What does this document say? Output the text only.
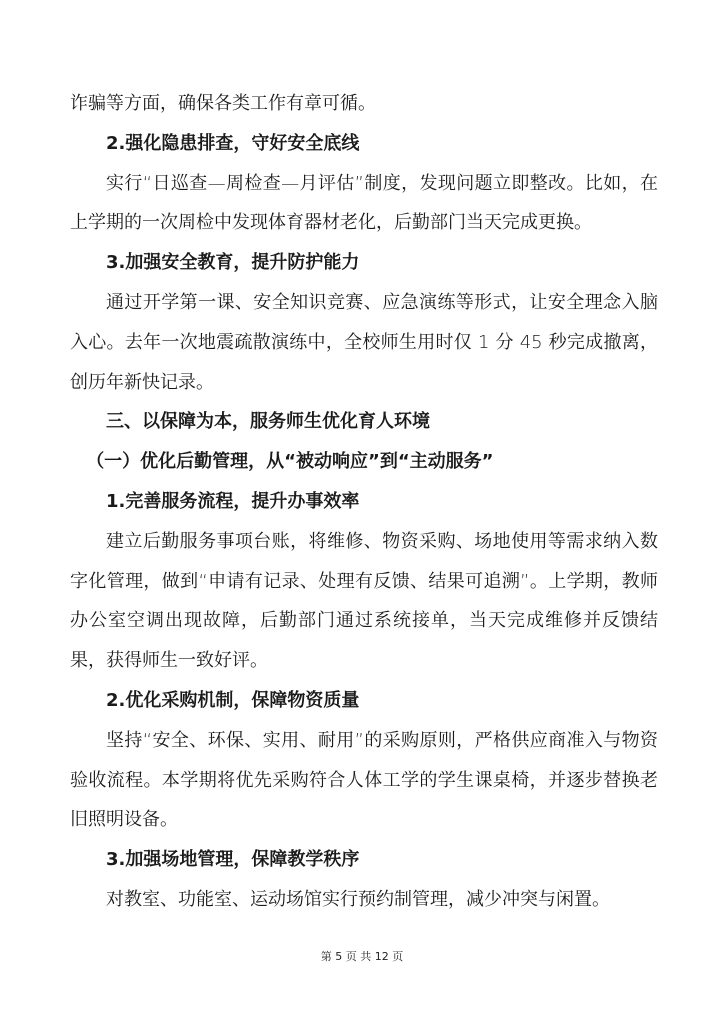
诈骗等方面，确保各类工作有章可循。

2.强化隐患排查，守好安全底线

实行“日巡查—周检查—月评估”制度，发现问题立即整改。比如，在上学期的一次周检中发现体育器材老化，后勤部门当天完成更换。

3.加强安全教育，提升防护能力

通过开学第一课、安全知识竞赛、应急演练等形式，让安全理念入脑入心。去年一次地震疏散演练中，全校师生用时仅 1 分 45 秒完成撤离，创历年新快记录。

三、以保障为本，服务师生优化育人环境

（一）优化后勤管理，从“被动响应”到“主动服务”

1.完善服务流程，提升办事效率

建立后勤服务事项台账，将维修、物资采购、场地使用等需求纳入数字化管理，做到“申请有记录、处理有反馈、结果可追溯”。上学期，教师办公室空调出现故障，后勤部门通过系统接单，当天完成维修并反馈结果，获得师生一致好评。

2.优化采购机制，保障物资质量

坚持“安全、环保、实用、耐用”的采购原则，严格供应商准入与物资验收流程。本学期将优先采购符合人体工学的学生课桌椅，并逐步替换老旧照明设备。

3.加强场地管理，保障教学秩序

对教室、功能室、运动场馆实行预约制管理，减少冲突与闲置。

第 5 页 共 12 页
